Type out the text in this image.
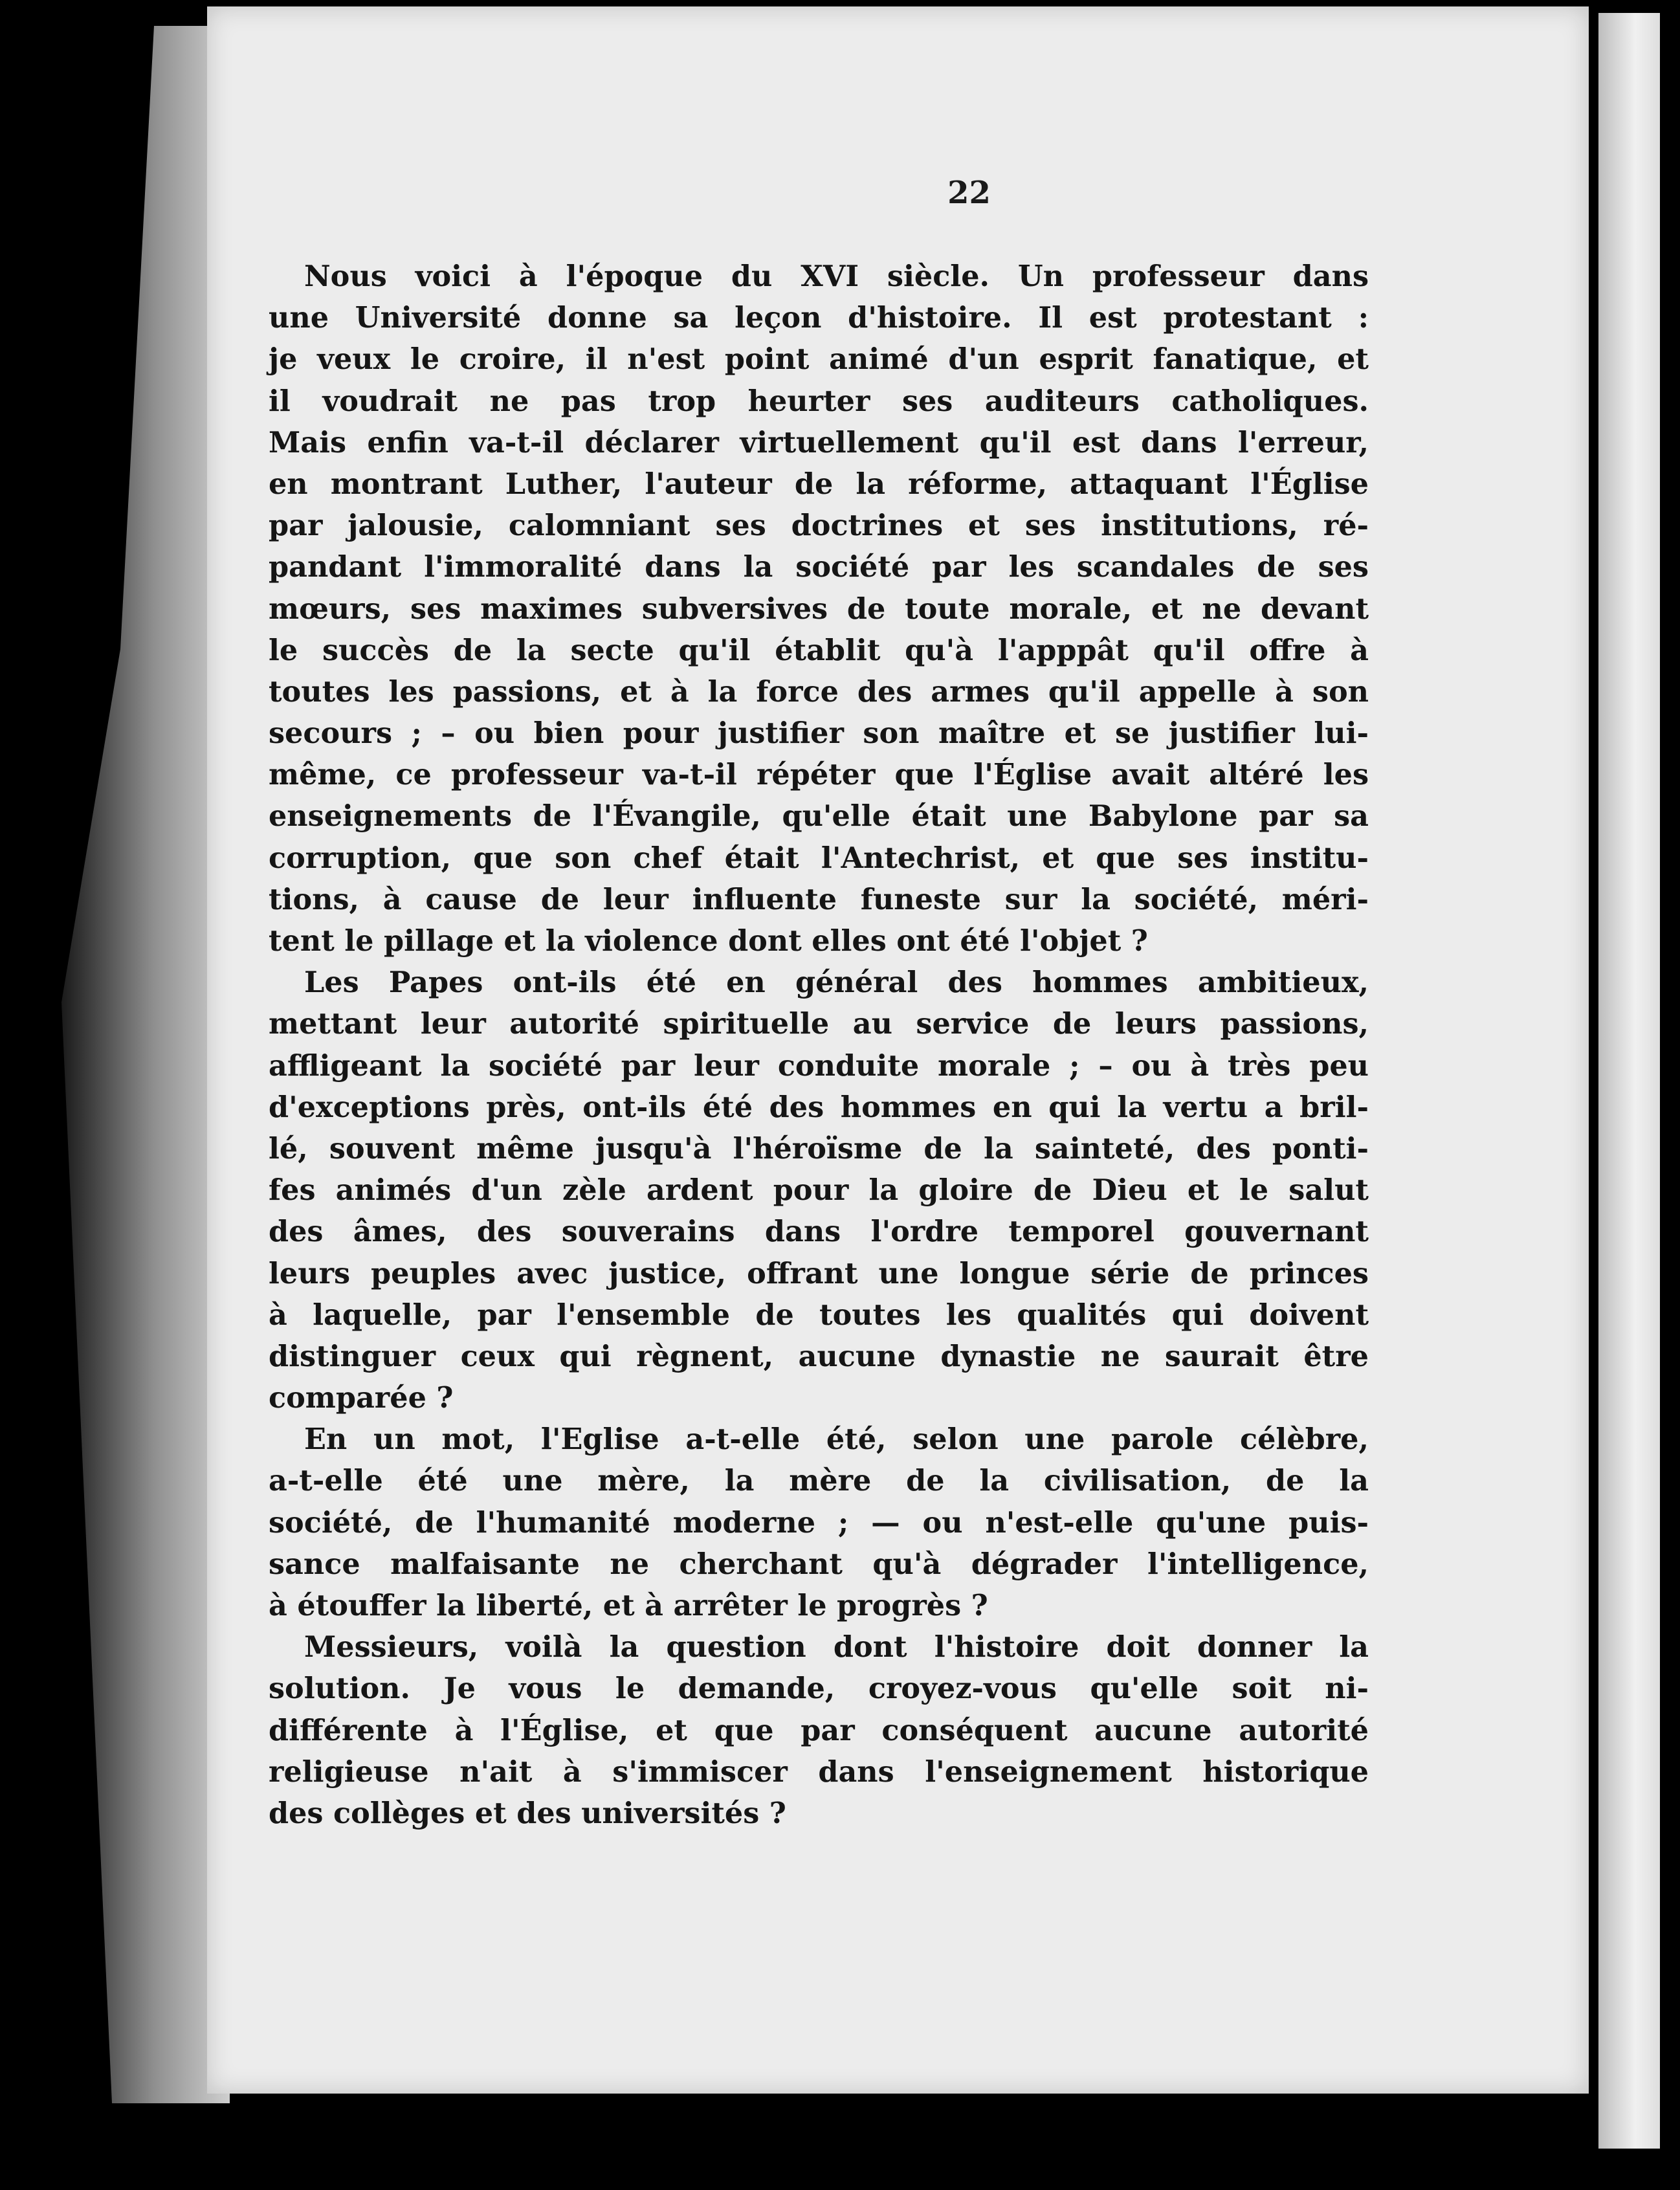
22
Nous voici à l'époque du XVI siècle. Un professeur dans
une Université donne sa leçon d'histoire. Il est protestant :
je veux le croire, il n'est point animé d'un esprit fanatique, et
il voudrait ne pas trop heurter ses auditeurs catholiques.
Mais enfin va-t-il déclarer virtuellement qu'il est dans l'erreur,
en montrant Luther, l'auteur de la réforme, attaquant l'Église
par jalousie, calomniant ses doctrines et ses institutions, ré-
pandant l'immoralité dans la société par les scandales de ses
mœurs, ses maximes subversives de toute morale, et ne devant
le succès de la secte qu'il établit qu'à l'apppât qu'il offre à
toutes les passions, et à la force des armes qu'il appelle à son
secours ; – ou bien pour justifier son maître et se justifier lui-
même, ce professeur va-t-il répéter que l'Église avait altéré les
enseignements de l'Évangile, qu'elle était une Babylone par sa
corruption, que son chef était l'Antechrist, et que ses institu-
tions, à cause de leur influente funeste sur la société, méri-
tent le pillage et la violence dont elles ont été l'objet ?
Les Papes ont-ils été en général des hommes ambitieux,
mettant leur autorité spirituelle au service de leurs passions,
affligeant la société par leur conduite morale ; – ou à très peu
d'exceptions près, ont-ils été des hommes en qui la vertu a bril-
lé, souvent même jusqu'à l'héroïsme de la sainteté, des ponti-
fes animés d'un zèle ardent pour la gloire de Dieu et le salut
des âmes, des souverains dans l'ordre temporel gouvernant
leurs peuples avec justice, offrant une longue série de princes
à laquelle, par l'ensemble de toutes les qualités qui doivent
distinguer ceux qui règnent, aucune dynastie ne saurait être
comparée ?
En un mot, l'Eglise a-t-elle été, selon une parole célèbre,
a-t-elle été une mère, la mère de la civilisation, de la
société, de l'humanité moderne ; — ou n'est-elle qu'une puis-
sance malfaisante ne cherchant qu'à dégrader l'intelligence,
à étouffer la liberté, et à arrêter le progrès ?
Messieurs, voilà la question dont l'histoire doit donner la
solution. Je vous le demande, croyez-vous qu'elle soit ni-
différente à l'Église, et que par conséquent aucune autorité
religieuse n'ait à s'immiscer dans l'enseignement historique
des collèges et des universités ?
